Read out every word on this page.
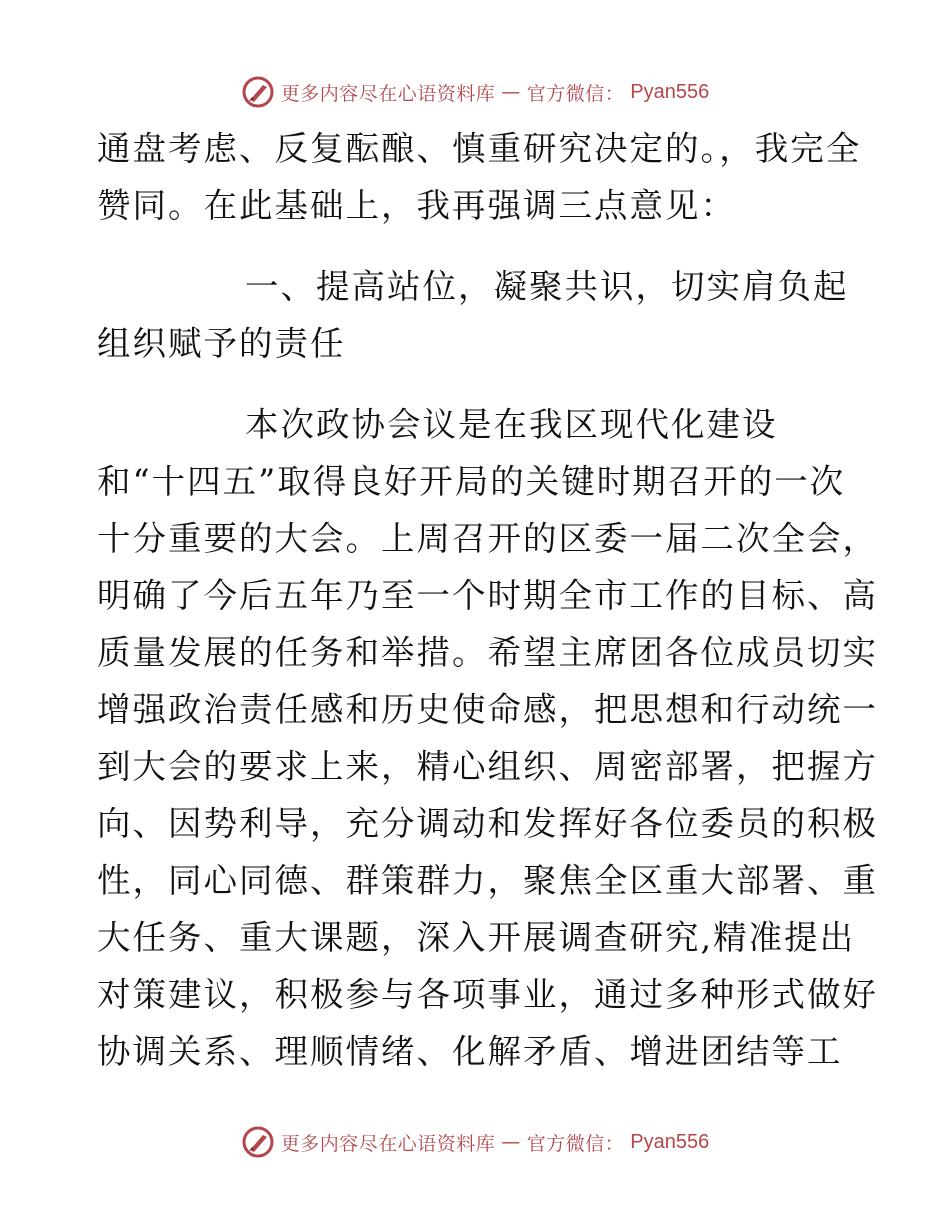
更多内容尽在心语资料库 — 官方微信： Pyan556
通盘考虑、反复酝酿、慎重研究决定的。，我完全
赞同。在此基础上，我再强调三点意见：
一、提高站位，凝聚共识，切实肩负起
组织赋予的责任
本次政协会议是在我区现代化建设
和“十四五”取得良好开局的关键时期召开的一次
十分重要的大会。上周召开的区委一届二次全会，
明确了今后五年乃至一个时期全市工作的目标、高
质量发展的任务和举措。希望主席团各位成员切实
增强政治责任感和历史使命感，把思想和行动统一
到大会的要求上来，精心组织、周密部署，把握方
向、因势利导，充分调动和发挥好各位委员的积极
性，同心同德、群策群力，聚焦全区重大部署、重
大任务、重大课题，深入开展调查研究,精准提出
对策建议，积极参与各项事业，通过多种形式做好
协调关系、理顺情绪、化解矛盾、增进团结等工
更多内容尽在心语资料库 — 官方微信： Pyan556
